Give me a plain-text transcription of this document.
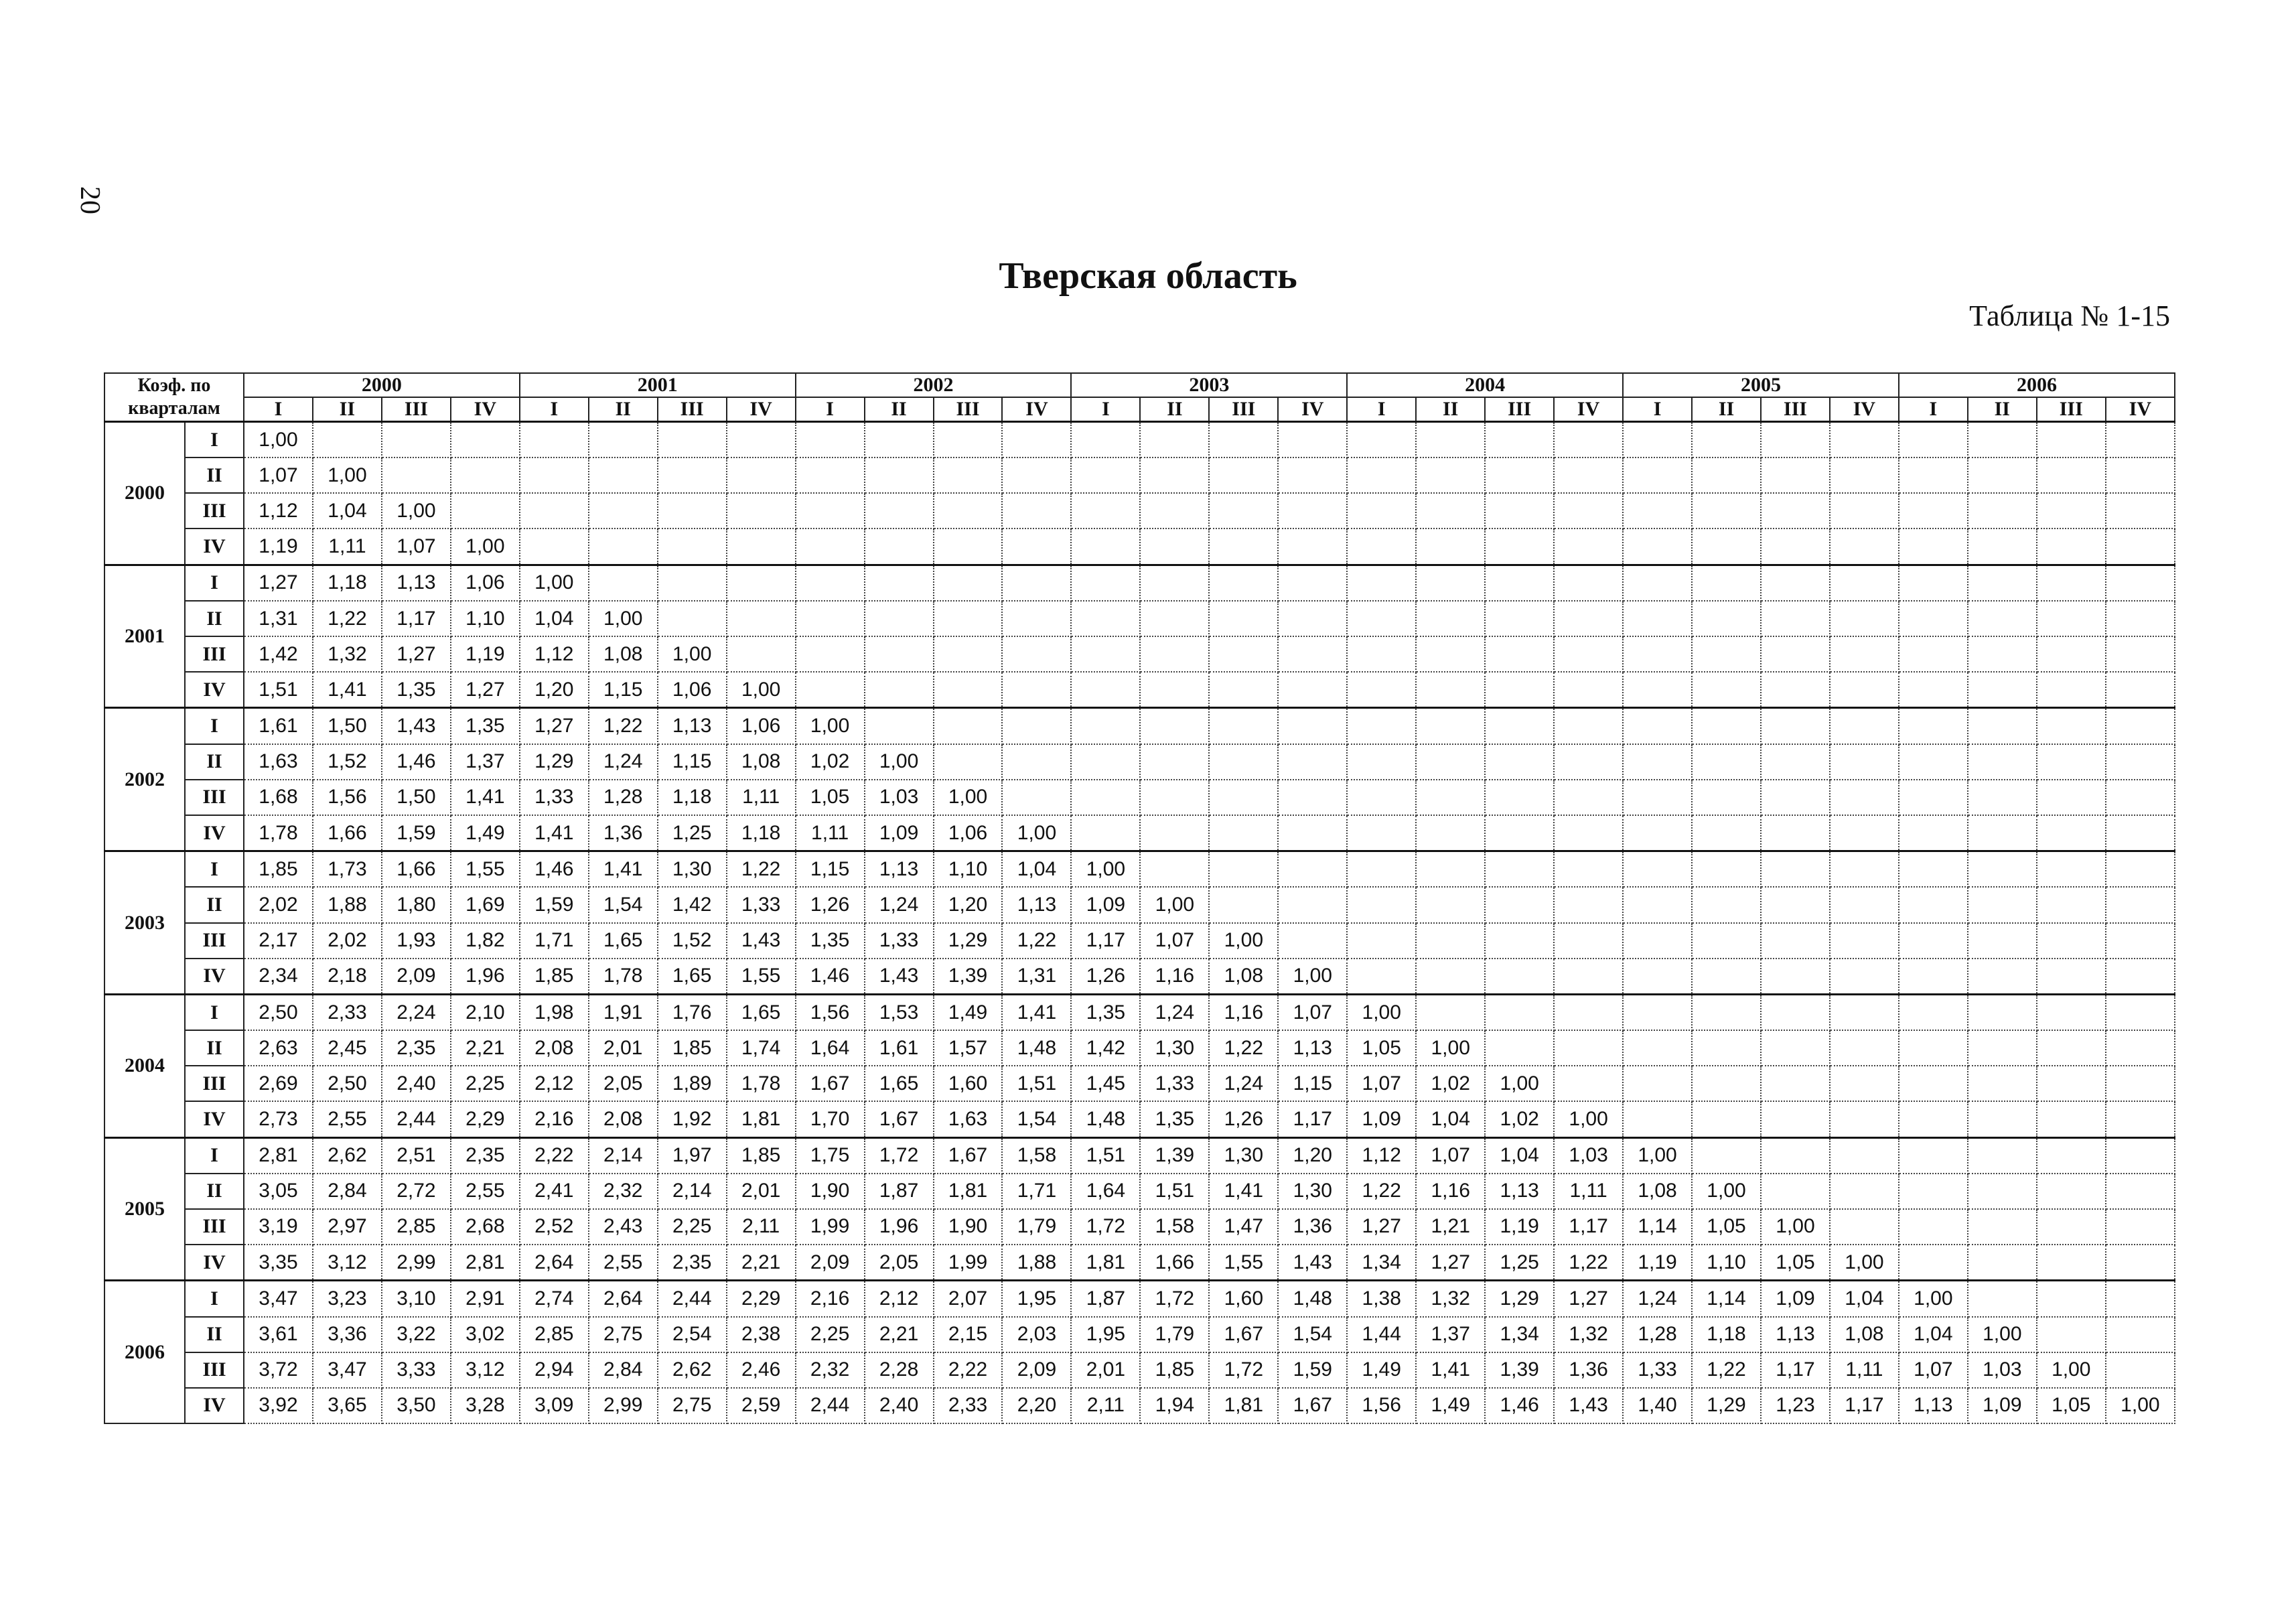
20
Тверская область
Таблица № 1-15
Коэф. по
кварталам		2000				2001				2002				2003				2004				2005				2006			
		I	II	III	IV	I	II	III	IV	I	II	III	IV	I	II	III	IV	I	II	III	IV	I	II	III	IV	I	II	III	IV
2000	I	1,00																											
	II	1,07	1,00																										
	III	1,12	1,04	1,00																									
	IV	1,19	1,11	1,07	1,00																								
2001	I	1,27	1,18	1,13	1,06	1,00																							
	II	1,31	1,22	1,17	1,10	1,04	1,00																						
	III	1,42	1,32	1,27	1,19	1,12	1,08	1,00																					
	IV	1,51	1,41	1,35	1,27	1,20	1,15	1,06	1,00																				
2002	I	1,61	1,50	1,43	1,35	1,27	1,22	1,13	1,06	1,00																			
	II	1,63	1,52	1,46	1,37	1,29	1,24	1,15	1,08	1,02	1,00																		
	III	1,68	1,56	1,50	1,41	1,33	1,28	1,18	1,11	1,05	1,03	1,00																	
	IV	1,78	1,66	1,59	1,49	1,41	1,36	1,25	1,18	1,11	1,09	1,06	1,00																
2003	I	1,85	1,73	1,66	1,55	1,46	1,41	1,30	1,22	1,15	1,13	1,10	1,04	1,00															
	II	2,02	1,88	1,80	1,69	1,59	1,54	1,42	1,33	1,26	1,24	1,20	1,13	1,09	1,00														
	III	2,17	2,02	1,93	1,82	1,71	1,65	1,52	1,43	1,35	1,33	1,29	1,22	1,17	1,07	1,00													
	IV	2,34	2,18	2,09	1,96	1,85	1,78	1,65	1,55	1,46	1,43	1,39	1,31	1,26	1,16	1,08	1,00												
2004	I	2,50	2,33	2,24	2,10	1,98	1,91	1,76	1,65	1,56	1,53	1,49	1,41	1,35	1,24	1,16	1,07	1,00											
	II	2,63	2,45	2,35	2,21	2,08	2,01	1,85	1,74	1,64	1,61	1,57	1,48	1,42	1,30	1,22	1,13	1,05	1,00										
	III	2,69	2,50	2,40	2,25	2,12	2,05	1,89	1,78	1,67	1,65	1,60	1,51	1,45	1,33	1,24	1,15	1,07	1,02	1,00									
	IV	2,73	2,55	2,44	2,29	2,16	2,08	1,92	1,81	1,70	1,67	1,63	1,54	1,48	1,35	1,26	1,17	1,09	1,04	1,02	1,00								
2005	I	2,81	2,62	2,51	2,35	2,22	2,14	1,97	1,85	1,75	1,72	1,67	1,58	1,51	1,39	1,30	1,20	1,12	1,07	1,04	1,03	1,00							
	II	3,05	2,84	2,72	2,55	2,41	2,32	2,14	2,01	1,90	1,87	1,81	1,71	1,64	1,51	1,41	1,30	1,22	1,16	1,13	1,11	1,08	1,00						
	III	3,19	2,97	2,85	2,68	2,52	2,43	2,25	2,11	1,99	1,96	1,90	1,79	1,72	1,58	1,47	1,36	1,27	1,21	1,19	1,17	1,14	1,05	1,00					
	IV	3,35	3,12	2,99	2,81	2,64	2,55	2,35	2,21	2,09	2,05	1,99	1,88	1,81	1,66	1,55	1,43	1,34	1,27	1,25	1,22	1,19	1,10	1,05	1,00				
2006	I	3,47	3,23	3,10	2,91	2,74	2,64	2,44	2,29	2,16	2,12	2,07	1,95	1,87	1,72	1,60	1,48	1,38	1,32	1,29	1,27	1,24	1,14	1,09	1,04	1,00			
	II	3,61	3,36	3,22	3,02	2,85	2,75	2,54	2,38	2,25	2,21	2,15	2,03	1,95	1,79	1,67	1,54	1,44	1,37	1,34	1,32	1,28	1,18	1,13	1,08	1,04	1,00		
	III	3,72	3,47	3,33	3,12	2,94	2,84	2,62	2,46	2,32	2,28	2,22	2,09	2,01	1,85	1,72	1,59	1,49	1,41	1,39	1,36	1,33	1,22	1,17	1,11	1,07	1,03	1,00	
	IV	3,92	3,65	3,50	3,28	3,09	2,99	2,75	2,59	2,44	2,40	2,33	2,20	2,11	1,94	1,81	1,67	1,56	1,49	1,46	1,43	1,40	1,29	1,23	1,17	1,13	1,09	1,05	1,00
